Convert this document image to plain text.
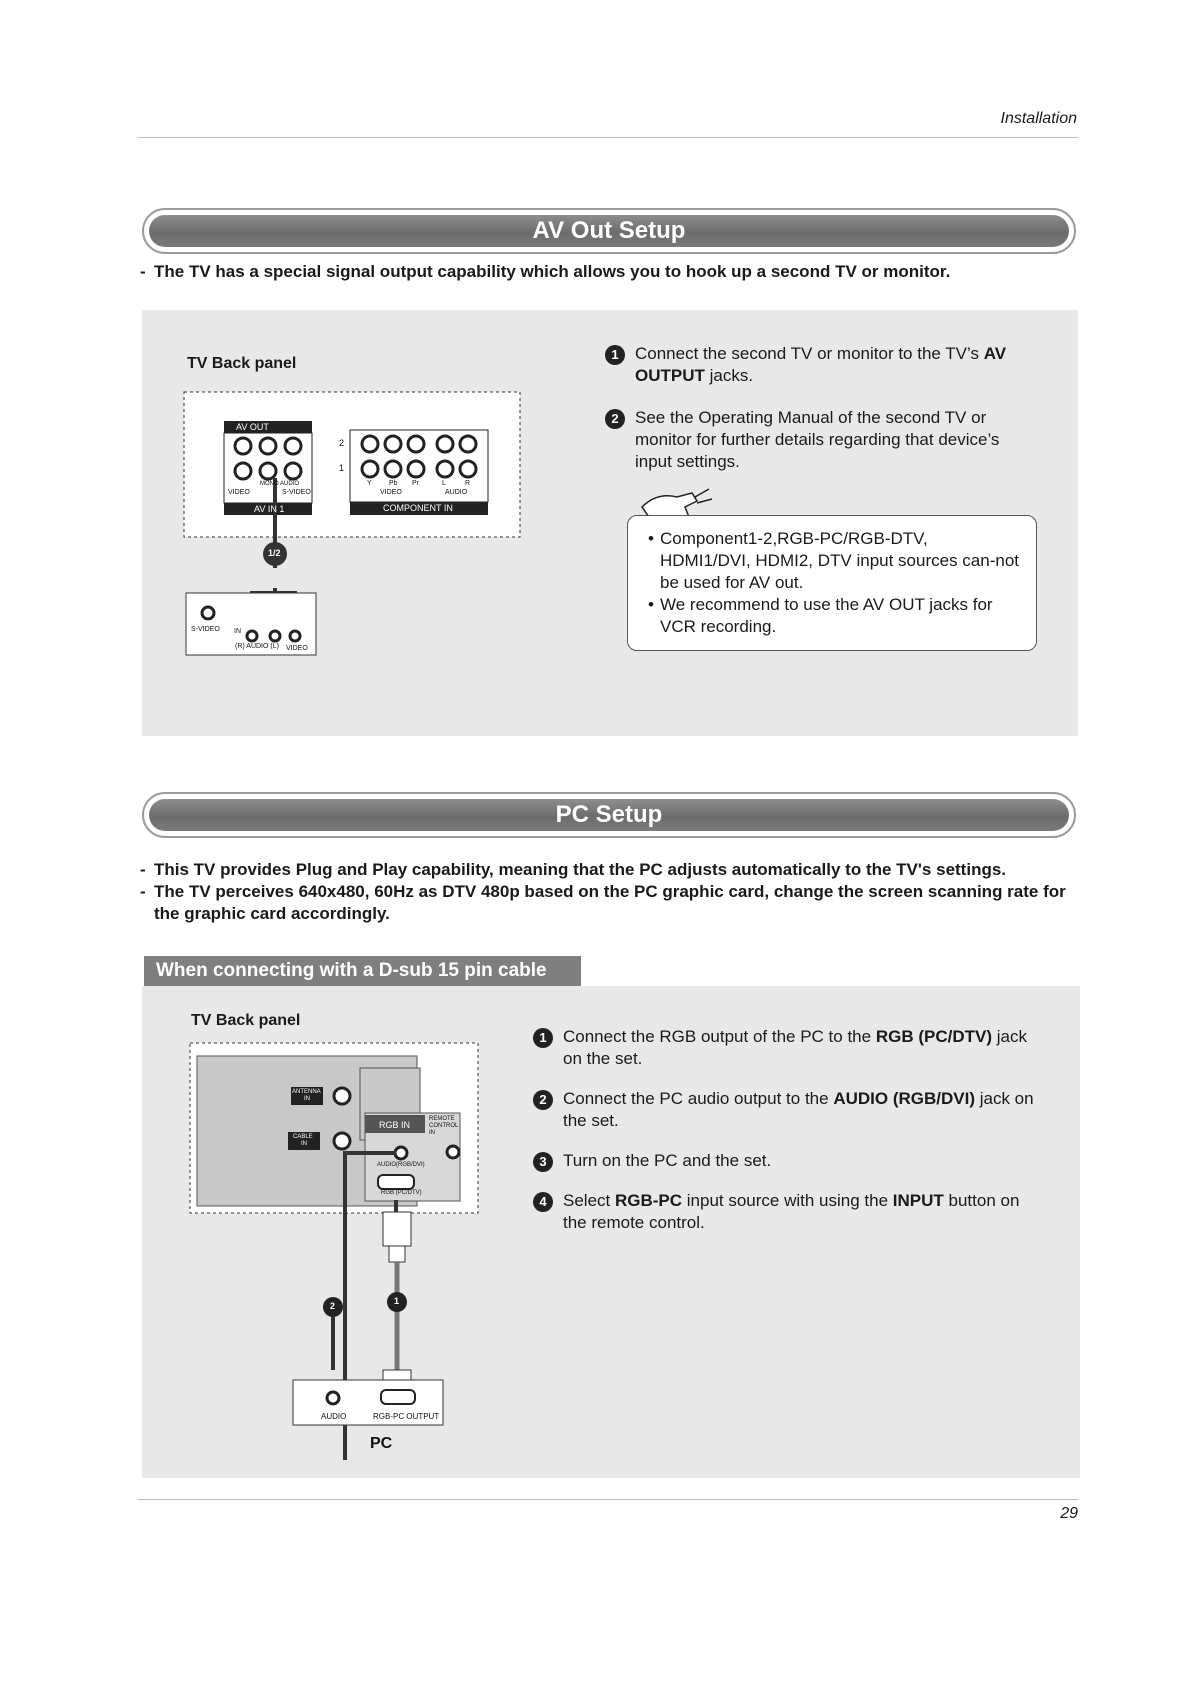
Installation
AV Out Setup
- The TV has a special signal output capability which allows you to hook up a second TV or monitor.
TV Back panel
AV OUT
VIDEO
MONO AUDIO
S-VIDEO
AV IN 1
2
1
Y Pb Pr	L	R
VIDEO	AUDIO
COMPONENT IN
1/2
S-VIDEO IN
(R) AUDIO (L) VIDEO
1 Connect the second TV or monitor to the TV’s AV OUTPUT jacks.
2 See the Operating Manual of the second TV or monitor for further details regarding that device’s input settings.
• Component1-2,RGB-PC/RGB-DTV, HDMI1/DVI, HDMI2, DTV input sources can-not be used for AV out.
• We recommend to use the AV OUT jacks for VCR recording.
PC Setup
- This TV provides Plug and Play capability, meaning that the PC adjusts automatically to the TV's settings.
- The TV perceives 640x480, 60Hz as DTV 480p based on the PC graphic card, change the screen scanning rate for the graphic card accordingly.
When connecting with a D-sub 15 pin cable
TV Back panel
ANTENNA
IN
CABLE
IN
RGB IN
REMOTE CONTROL IN
AUDIO(RGB/DVI)
RGB (PC/DTV)
1
2
AUDIO	RGB-PC OUTPUT
PC
1 Connect the RGB output of the PC to the RGB (PC/DTV) jack on the set.
2 Connect the PC audio output to the AUDIO (RGB/DVI) jack on the set.
3 Turn on the PC and the set.
4 Select RGB-PC input source with using the INPUT button on the remote control.
29
